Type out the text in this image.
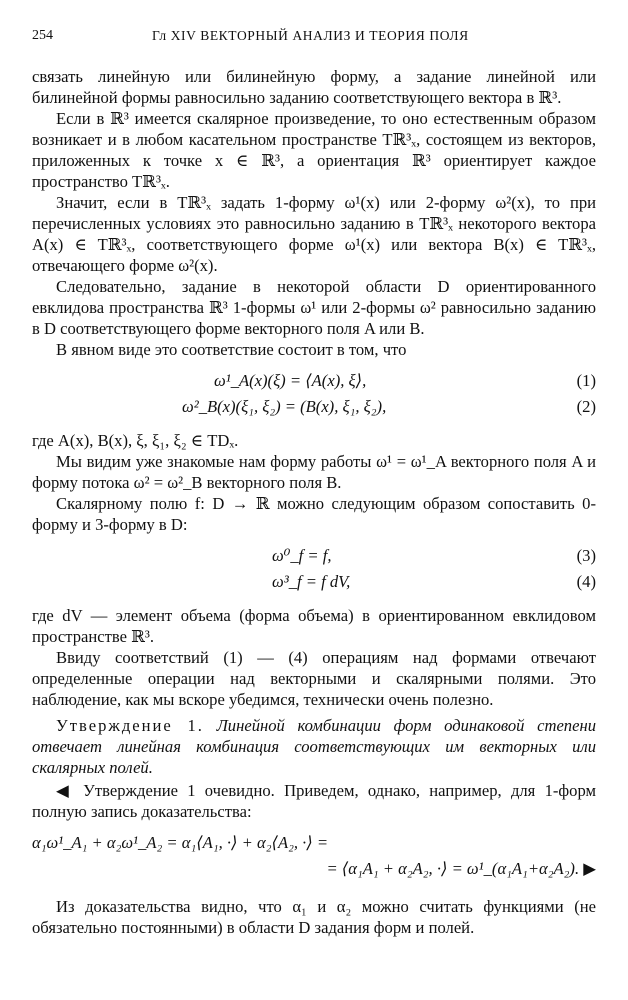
254	Гл XIV ВЕКТОРНЫЙ АНАЛИЗ И ТЕОРИЯ ПОЛЯ

связать линейную или билинейную форму, а задание линейной или билинейной формы равносильно заданию соответствующего вектора в ℝ³.

Если в ℝ³ имеется скалярное произведение, то оно естественным образом возникает и в любом касательном пространстве Tℝ³ₓ, состоящем из векторов, приложенных к точке x ∈ ℝ³, а ориентация ℝ³ ориентирует каждое пространство Tℝ³ₓ.

Значит, если в Tℝ³ₓ задать 1-форму ω¹(x) или 2-форму ω²(x), то при перечисленных условиях это равносильно заданию в Tℝ³ₓ некоторого вектора A(x) ∈ Tℝ³ₓ, соответствующего форме ω¹(x) или вектора B(x) ∈ Tℝ³ₓ, отвечающего форме ω²(x).

Следовательно, задание в некоторой области D ориентированного евклидова пространства ℝ³ 1-формы ω¹ или 2-формы ω² равносильно заданию в D соответствующего форме векторного поля A или B.

В явном виде это соответствие состоит в том, что

ω¹_A(x)(ξ) = ⟨A(x), ξ⟩,	(1)
ω²_B(x)(ξ₁, ξ₂) = (B(x), ξ₁, ξ₂),	(2)

где A(x), B(x), ξ, ξ₁, ξ₂ ∈ TDₓ.

Мы видим уже знакомые нам форму работы ω¹ = ω¹_A векторного поля A и форму потока ω² = ω²_B векторного поля B.

Скалярному полю f: D → ℝ можно следующим образом сопоставить 0-форму и 3-форму в D:

ω⁰_f = f,	(3)
ω³_f = f dV,	(4)

где dV — элемент объема (форма объема) в ориентированном евклидовом пространстве ℝ³.

Ввиду соответствий (1) — (4) операциям над формами отвечают определенные операции над векторными и скалярными полями. Это наблюдение, как мы вскоре убедимся, технически очень полезно.

Утверждение 1. Линейной комбинации форм одинаковой степени отвечает линейная комбинация соответствующих им векторных или скалярных полей.

◀ Утверждение 1 очевидно. Приведем, однако, например, для 1-форм полную запись доказательства:

α₁ω¹_A₁ + α₂ω¹_A₂ = α₁⟨A₁, ·⟩ + α₂⟨A₂, ·⟩ =
= ⟨α₁A₁ + α₂A₂, ·⟩ = ω¹_(α₁A₁+α₂A₂). ▶

Из доказательства видно, что α₁ и α₂ можно считать функциями (не обязательно постоянными) в области D задания форм и полей.
